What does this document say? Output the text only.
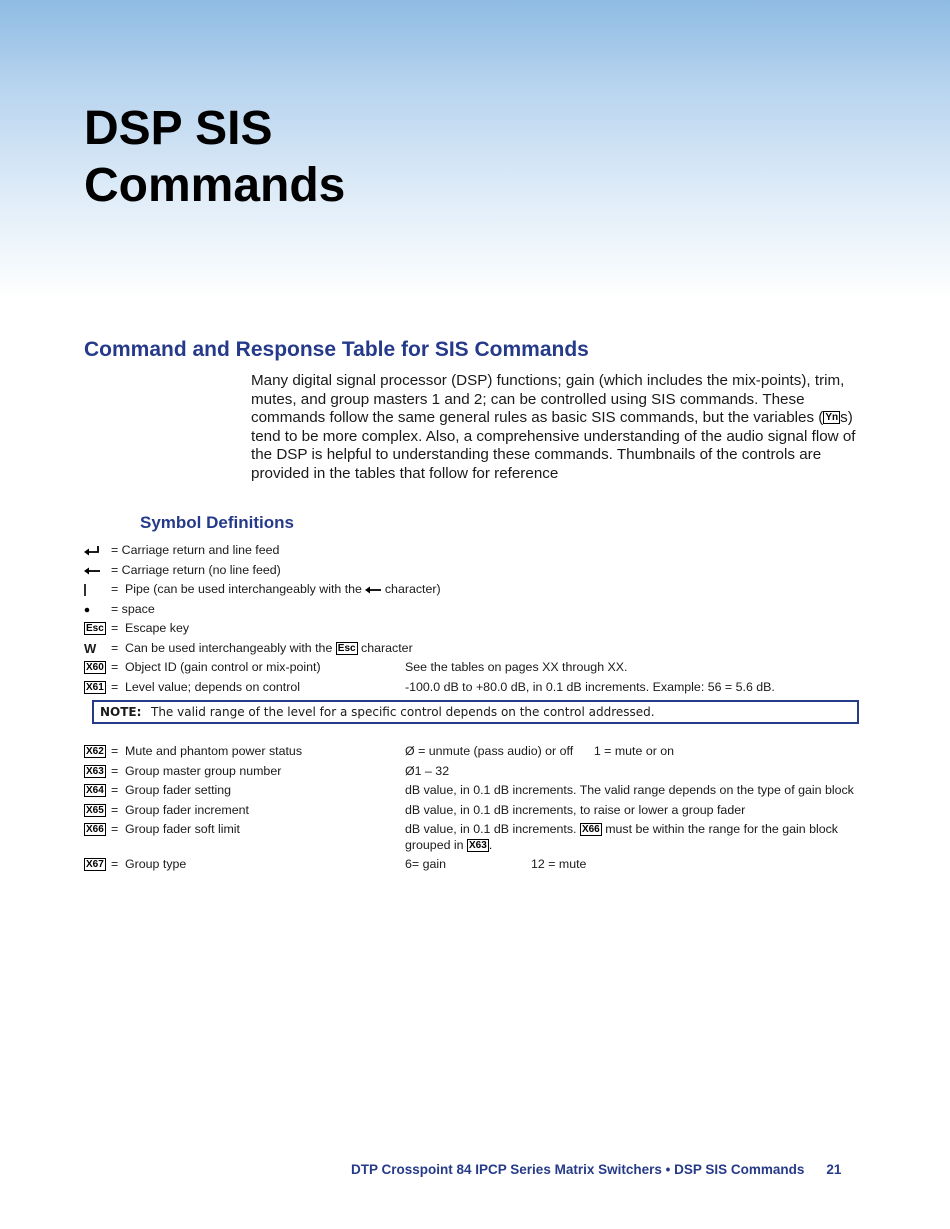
DSP SIS
Commands
Command and Response Table for SIS Commands

Many digital signal processor (DSP) functions; gain (which includes the mix-points), trim, mutes, and group masters 1 and 2; can be controlled using SIS commands. These commands follow the same general rules as basic SIS commands, but the variables ( Yn s) tend to be more complex. Also, a comprehensive understanding of the audio signal flow of the DSP is helpful to understanding these commands. Thumbnails of the controls are provided in the tables that follow for reference

Symbol Definitions
= Carriage return and line feed
= Carriage return (no line feed)
= Pipe (can be used interchangeably with the character)
= space
Esc = Escape key
W	= Can be used interchangeably with the Esc character
X60 = Object ID (gain control or mix-point)	See the tables on pages XX through XX.
X61 = Level value; depends on control	-100.0 dB to +80.0 dB, in 0.1 dB increments. Example: 56 = 5.6 dB.
NOTE: The valid range of the level for a specific control depends on the control addressed.
X62 = Mute and phantom power status	Ø = unmute (pass audio) or off      1 = mute or on
X63 = Group master group number	Ø1 – 32
X64 = Group fader setting	dB value, in 0.1 dB increments. The valid range depends on the type of gain block
X65 = Group fader increment	dB value, in 0.1 dB increments, to raise or lower a group fader
X66 = Group fader soft limit	dB value, in 0.1 dB increments. X66 must be within the range for the gain block
grouped in X63 .
X67 = Group type	6= gain	12 = mute

DTP Crosspoint 84 IPCP Series Matrix Switchers • DSP SIS Commands 21
